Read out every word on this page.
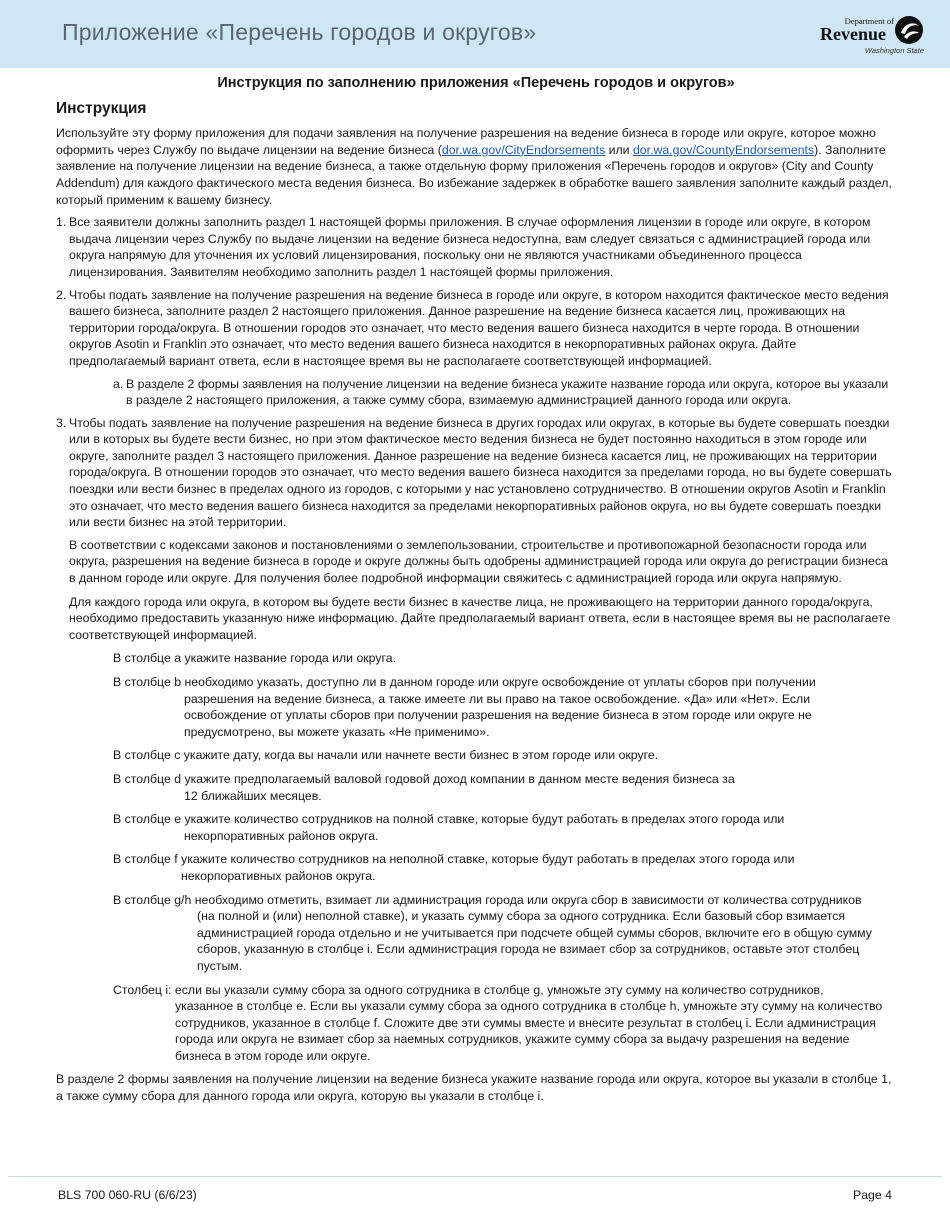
Приложение «Перечень городов и округов»	Department of
Revenue
Washington State
Инструкция по заполнению приложения «Перечень городов и округов»
Инструкция

Используйте эту форму приложения для подачи заявления на получение разрешения на ведение бизнеса в городе или округе, которое можно оформить через Службу по выдаче лицензии на ведение бизнеса (dor.wa.gov/CityEndorsements или dor.wa.gov/CountyEndorsements). Заполните заявление на получение лицензии на ведение бизнеса, а также отдельную форму приложения «Перечень городов и округов» (City and County Addendum) для каждого фактического места ведения бизнеса. Во избежание задержек в обработке вашего заявления заполните каждый раздел, который применим к вашему бизнесу.

1. Все заявители должны заполнить раздел 1 настоящей формы приложения. В случае оформления лицензии в городе или округе, в котором выдача лицензии через Службу по выдаче лицензии на ведение бизнеса недоступна, вам следует связаться с администрацией города или округа напрямую для уточнения их условий лицензирования, поскольку они не являются участниками объединенного процесса лицензирования. Заявителям необходимо заполнить раздел 1 настоящей формы приложения.
2. Чтобы подать заявление на получение разрешения на ведение бизнеса в городе или округе, в котором находится фактическое место ведения вашего бизнеса, заполните раздел 2 настоящего приложения. Данное разрешение на ведение бизнеса касается лиц, проживающих на территории города/округа. В отношении городов это означает, что место ведения вашего бизнеса находится в черте города. В отношении округов Asotin и Franklin это означает, что место ведения вашего бизнеса находится в некорпоративных районах округа. Дайте предполагаемый вариант ответа, если в настоящее время вы не располагаете соответствующей информацией.
a. В разделе 2 формы заявления на получение лицензии на ведение бизнеса укажите название города или округа, которое вы указали в разделе 2 настоящего приложения, а также сумму сбора, взимаемую администрацией данного города или округа.
3. Чтобы подать заявление на получение разрешения на ведение бизнеса в других городах или округах, в которые вы будете совершать поездки или в которых вы будете вести бизнес, но при этом фактическое место ведения бизнеса не будет постоянно находиться в этом городе или округе, заполните раздел 3 настоящего приложения. Данное разрешение на ведение бизнеса касается лиц, не проживающих на территории города/округа. В отношении городов это означает, что место ведения вашего бизнеса находится за пределами города, но вы будете совершать поездки или вести бизнес в пределах одного из городов, с которыми у нас установлено сотрудничество. В отношении округов Asotin и Franklin это означает, что место ведения вашего бизнеса находится за пределами некорпоративных районов округа, но вы будете совершать поездки или вести бизнес на этой территории.

В соответствии с кодексами законов и постановлениями о землепользовании, строительстве и противопожарной безопасности города или округа, разрешения на ведение бизнеса в городе и округе должны быть одобрены администрацией города или округа до регистрации бизнеса в данном городе или округе. Для получения более подробной информации свяжитесь с администрацией города или округа напрямую.

Для каждого города или округа, в котором вы будете вести бизнес в качестве лица, не проживающего на территории данного города/округа, необходимо предоставить указанную ниже информацию. Дайте предполагаемый вариант ответа, если в настоящее время вы не располагаете соответствующей информацией.

В столбце a укажите название города или округа.
В столбце b необходимо указать, доступно ли в данном городе или округе освобождение от уплаты сборов при получении
разрешения на ведение бизнеса, а также имеете ли вы право на такое освобождение. «Да» или «Нет». Если освобождение от уплаты сборов при получении разрешения на ведение бизнеса в этом городе или округе не предусмотрено, вы можете указать «Не применимо».
В столбце c укажите дату, когда вы начали или начнете вести бизнес в этом городе или округе.
В столбце d укажите предполагаемый валовой годовой доход компании в данном месте ведения бизнеса за
12 ближайших месяцев.
В столбце e укажите количество сотрудников на полной ставке, которые будут работать в пределах этого города или
некорпоративных районов округа.
В столбце f укажите количество сотрудников на неполной ставке, которые будут работать в пределах этого города или
некорпоративных районов округа.
В столбце g/h необходимо отметить, взимает ли администрация города или округа сбор в зависимости от количества сотрудников
(на полной и (или) неполной ставке), и указать сумму сбора за одного сотрудника. Если базовый сбор взимается администрацией города отдельно и не учитывается при подсчете общей суммы сборов, включите его в общую сумму сборов, указанную в столбце i. Если администрация города не взимает сбор за сотрудников, оставьте этот столбец пустым.
Столбец i: если вы указали сумму сбора за одного сотрудника в столбце g, умножьте эту сумму на количество сотрудников,
указанное в столбце e. Если вы указали сумму сбора за одного сотрудника в столбце h, умножьте эту сумму на количество сотрудников, указанное в столбце f. Сложите две эти суммы вместе и внесите результат в столбец i. Если администрация города или округа не взимает сбор за наемных сотрудников, укажите сумму сбора за выдачу разрешения на ведение бизнеса в этом городе или округе.

В разделе 2 формы заявления на получение лицензии на ведение бизнеса укажите название города или округа, которое вы указали в столбце 1, а также сумму сбора для данного города или округа, которую вы указали в столбце i.

BLS 700 060-RU (6/6/23)	Page 4
